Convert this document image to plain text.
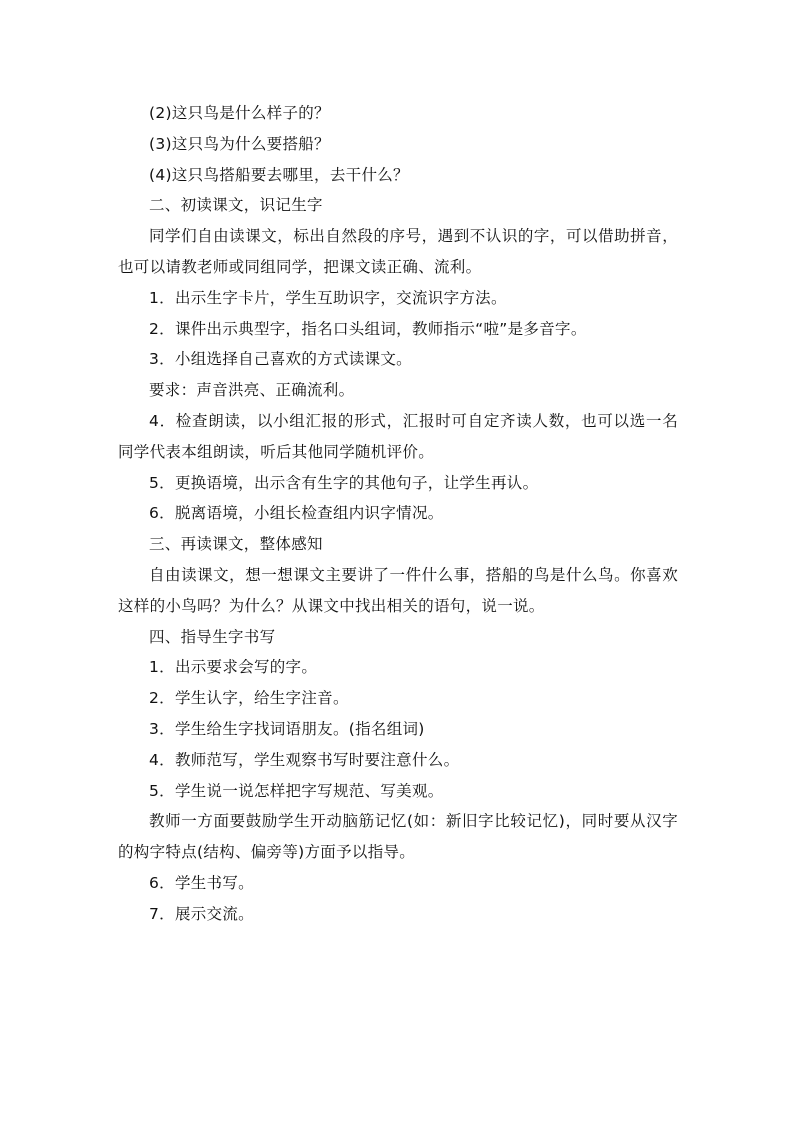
(2)这只鸟是什么样子的？
(3)这只鸟为什么要搭船？
(4)这只鸟搭船要去哪里，去干什么？
二、初读课文，识记生字
同学们自由读课文，标出自然段的序号，遇到不认识的字，可以借助拼音，
也可以请教老师或同组同学，把课文读正确、流利。
1．出示生字卡片，学生互助识字，交流识字方法。
2．课件出示典型字，指名口头组词，教师指示“啦”是多音字。
3．小组选择自己喜欢的方式读课文。
要求：声音洪亮、正确流利。
4．检查朗读，以小组汇报的形式，汇报时可自定齐读人数，也可以选一名
同学代表本组朗读，听后其他同学随机评价。
5．更换语境，出示含有生字的其他句子，让学生再认。
6．脱离语境，小组长检查组内识字情况。
三、再读课文，整体感知
自由读课文，想一想课文主要讲了一件什么事，搭船的鸟是什么鸟。你喜欢
这样的小鸟吗？为什么？从课文中找出相关的语句，说一说。
四、指导生字书写
1．出示要求会写的字。
2．学生认字，给生字注音。
3．学生给生字找词语朋友。(指名组词)
4．教师范写，学生观察书写时要注意什么。
5．学生说一说怎样把字写规范、写美观。
教师一方面要鼓励学生开动脑筋记忆(如：新旧字比较记忆)，同时要从汉字
的构字特点(结构、偏旁等)方面予以指导。
6．学生书写。
7．展示交流。
